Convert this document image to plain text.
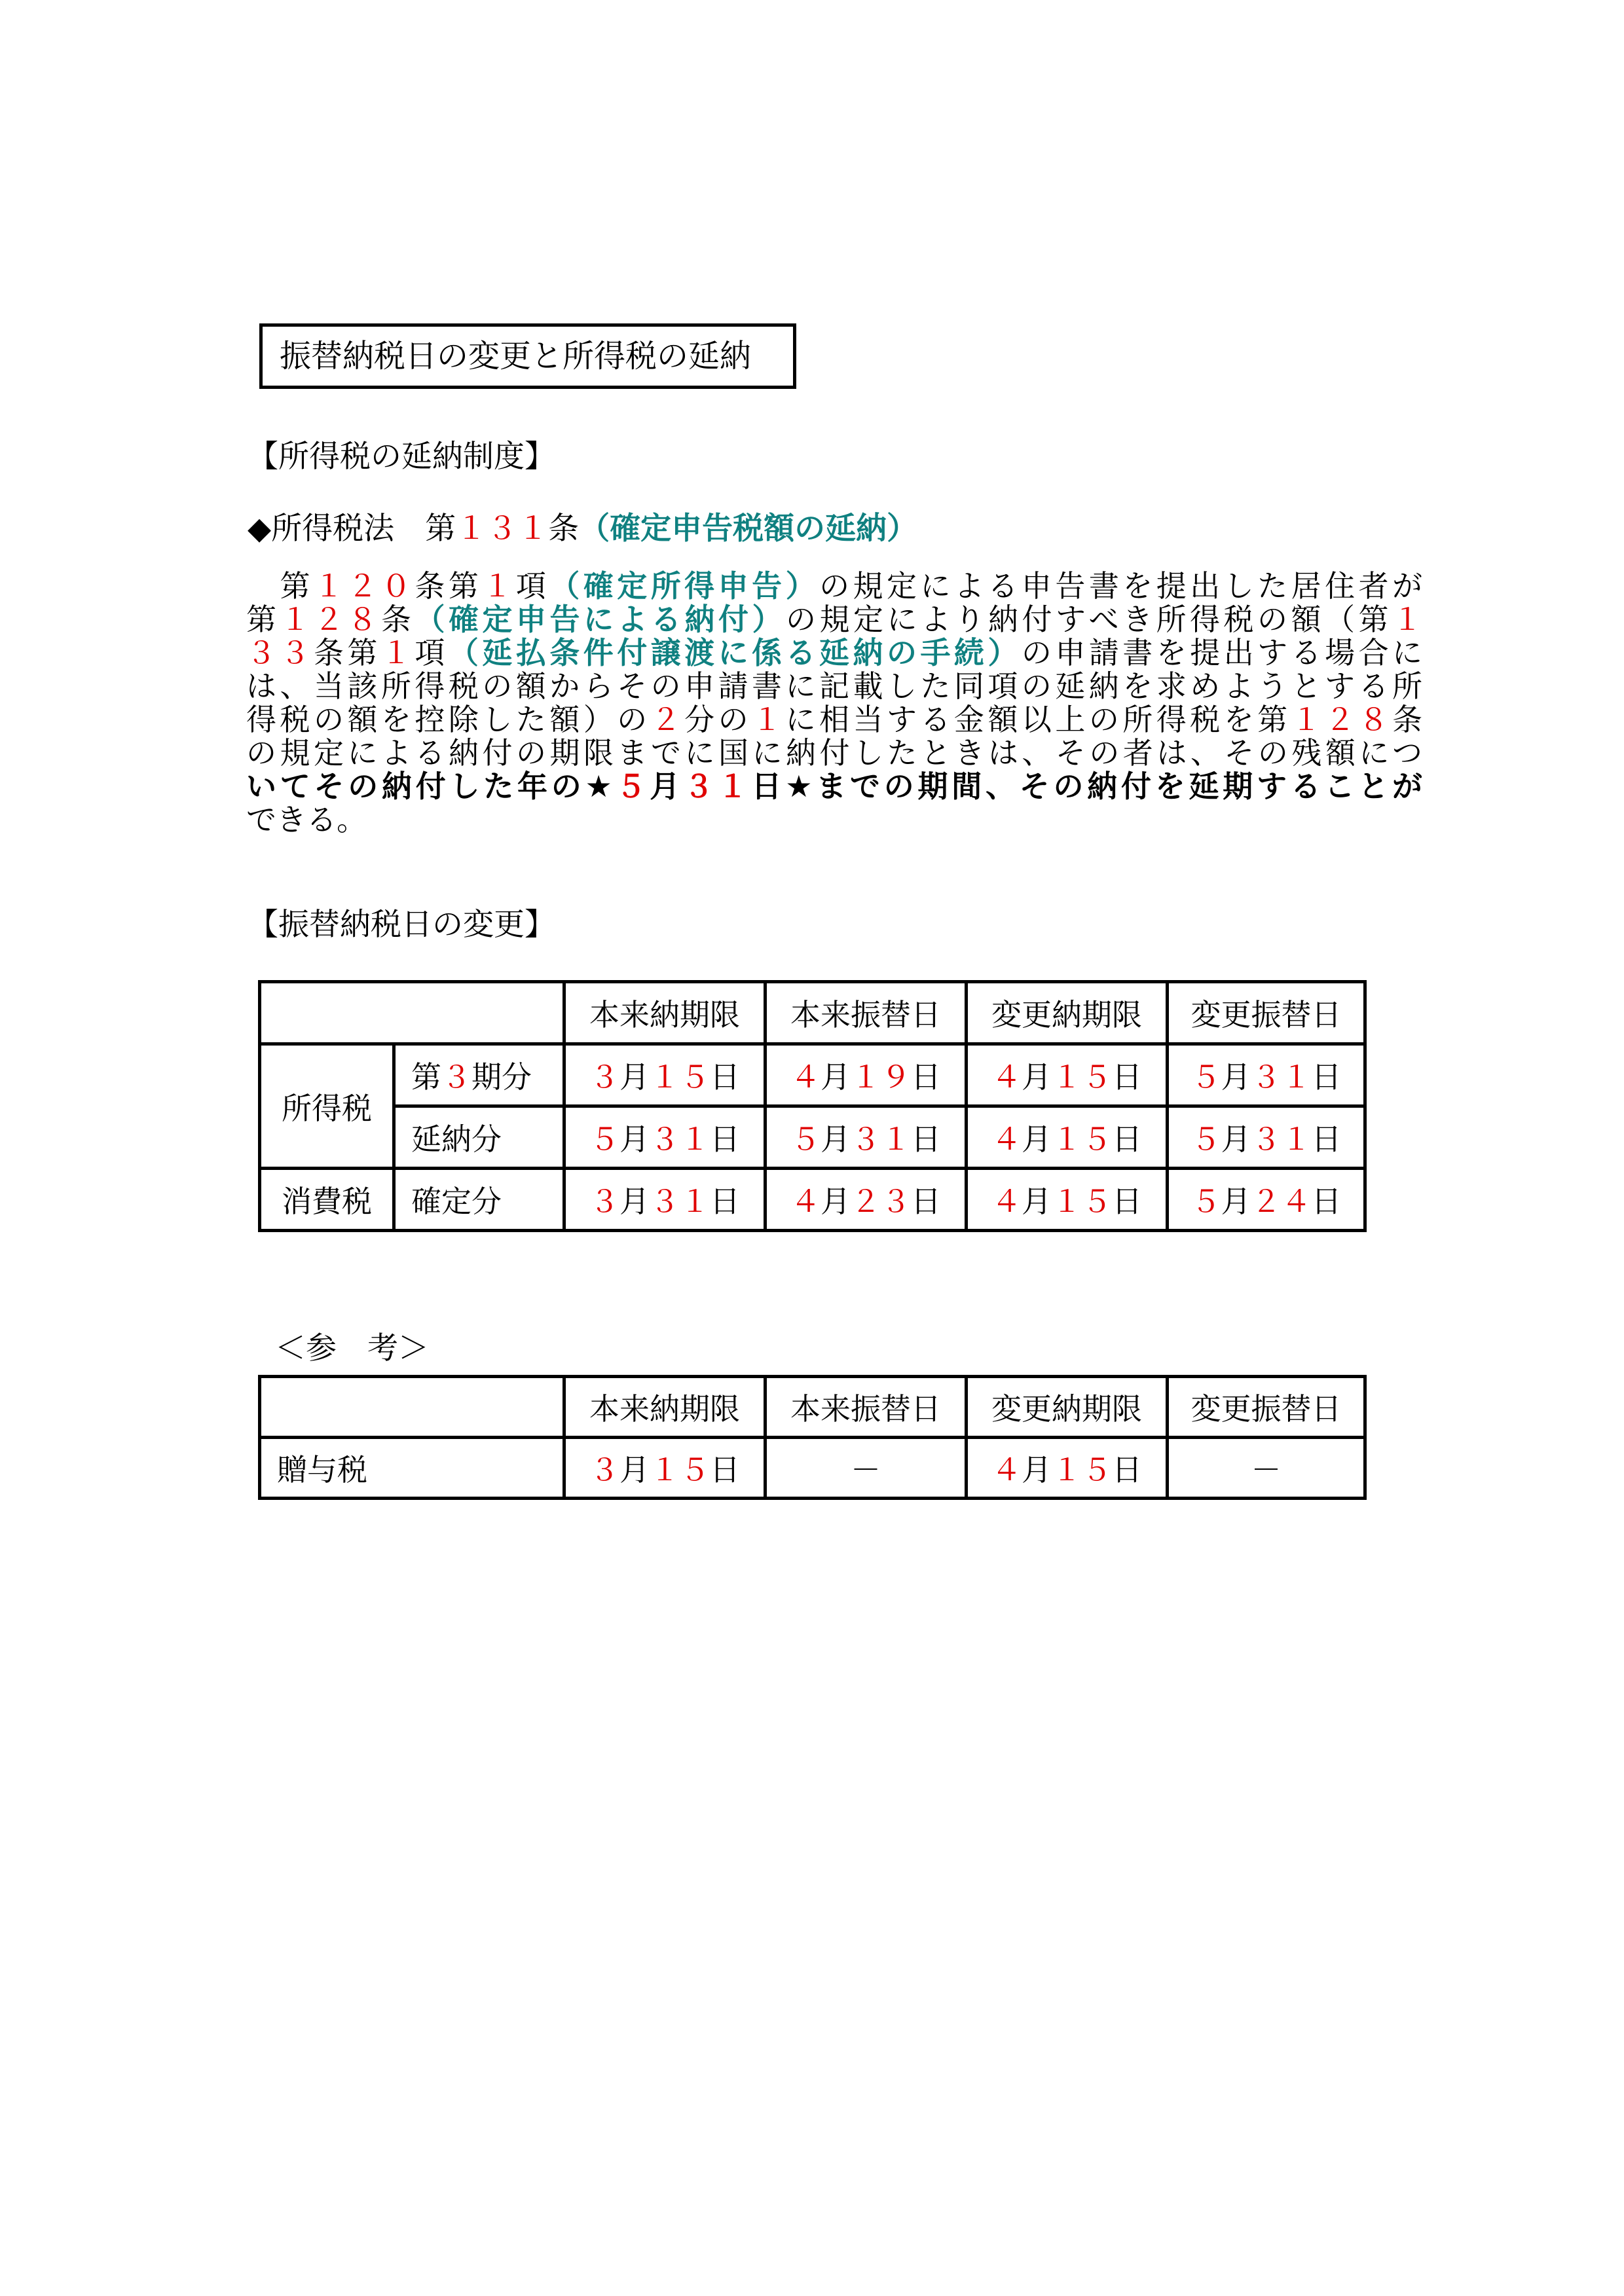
振替納税日の変更と所得税の延納
【所得税の延納制度】
◆所得税法　第１３１条（確定申告税額の延納）
　第１２０条第１項（確定所得申告）の規定による申告書を提出した居住者が
第１２８条（確定申告による納付）の規定により納付すべき所得税の額（第１
３３条第１項（延払条件付譲渡に係る延納の手続）の申請書を提出する場合に
は、当該所得税の額からその申請書に記載した同項の延納を求めようとする所
得税の額を控除した額）の２分の１に相当する金額以上の所得税を第１２８条
の規定による納付の期限までに国に納付したときは、その者は、その残額につ
いてその納付した年の★５月３１日★までの期間、その納付を延期することが
できる。
【振替納税日の変更】
		本来納期限	本来振替日	変更納期限	変更振替日
所得税	第３期分	３月１５日	４月１９日	４月１５日	５月３１日
	延納分	５月３１日	５月３１日	４月１５日	５月３１日
消費税	確定分	３月３１日	４月２３日	４月１５日	５月２４日
＜参　考＞
	本来納期限	本来振替日	変更納期限	変更振替日
贈与税	３月１５日	－	４月１５日	－
